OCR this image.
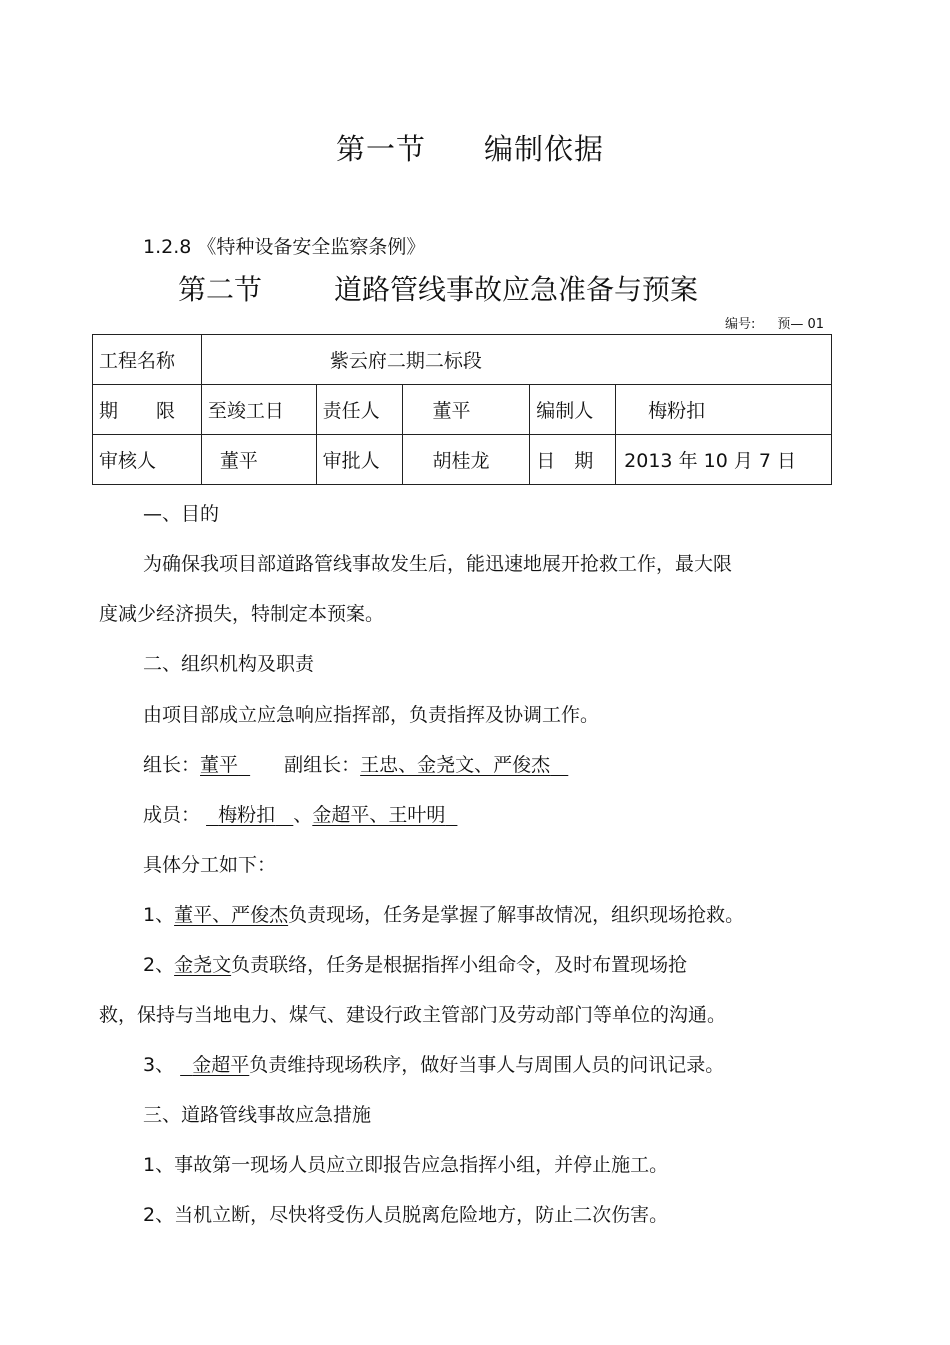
第一节 编制依据
1.2.8 《特种设备安全监察条例》
第二节	道路管线事故应急准备与预案
编号: 预— 01
工程名称	紫云府二期二标段				
期　　限	至竣工日	责任人	董平	编制人	梅粉扣
审核人	董平	审批人	胡桂龙	日　期	2013 年 10 月 7 日
—、目的
为确保我项目部道路管线事故发生后，能迅速地展开抢救工作，最大限
度减少经济损失，特制定本预案。
二、组织机构及职责
由项目部成立应急响应指挥部，负责指挥及协调工作。
组长：董平 副组长：王忠、金尧文、严俊杰
成员： 梅粉扣 、金超平、王叶明
具体分工如下：
1、董平、严俊杰负责现场，任务是掌握了解事故情况，组织现场抢救。
2、金尧文负责联络，任务是根据指挥小组命令，及时布置现场抢
救，保持与当地电力、煤气、建设行政主管部门及劳动部门等单位的沟通。
3、 金超平负责维持现场秩序，做好当事人与周围人员的问讯记录。
三、道路管线事故应急措施
1、事故第一现场人员应立即报告应急指挥小组，并停止施工。
2、当机立断，尽快将受伤人员脱离危险地方，防止二次伤害。
